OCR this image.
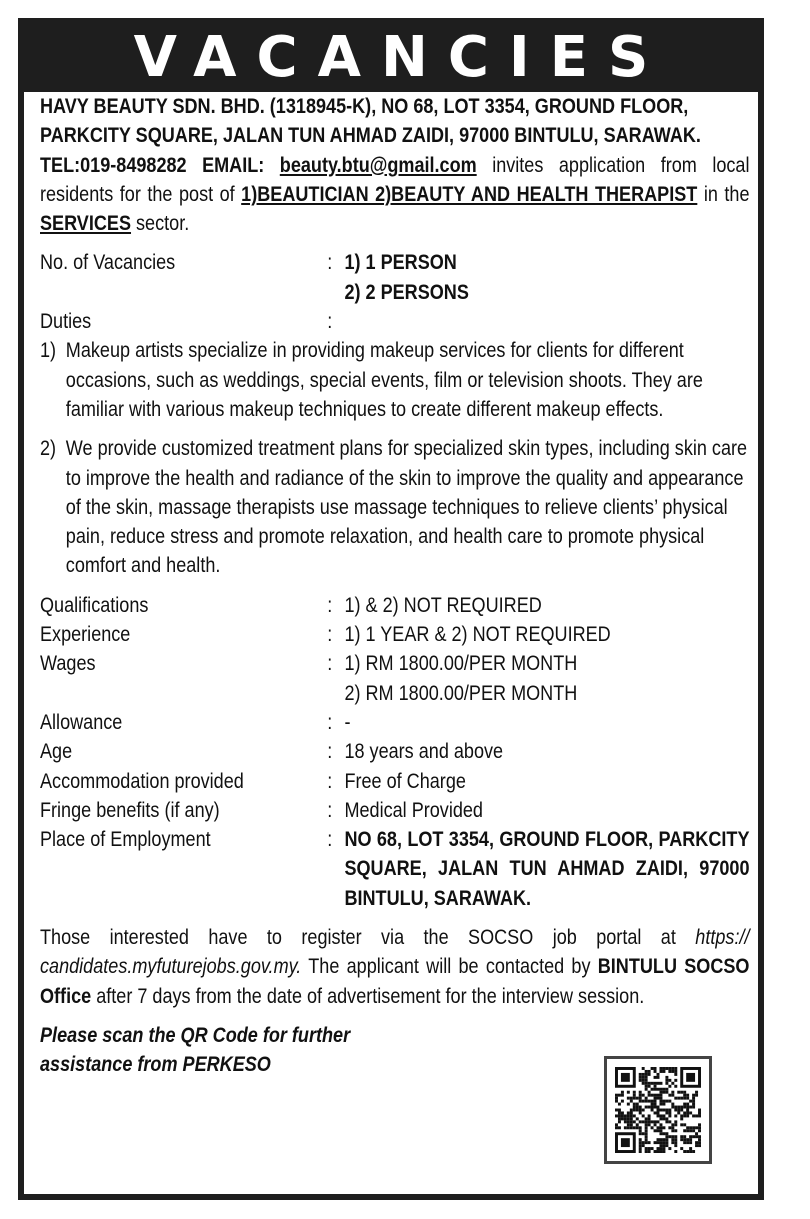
VACANCIES

HAVY BEAUTY SDN. BHD. (1318945-K), NO 68, LOT 3354, GROUND FLOOR,

PARKCITY SQUARE, JALAN TUN AHMAD ZAIDI, 97000 BINTULU, SARAWAK.

TEL:019-8498282 EMAIL: beauty.btu@gmail.com invites application from local residents for the post of 1)BEAUTICIAN 2)BEAUTY AND HEALTH THERAPIST in the SERVICES sector.

No. of Vacancies	: 1) 1 PERSON
2) 2 PERSONS
Duties	:
1) Makeup artists specialize in providing makeup services for clients for different occasions, such as weddings, special events, film or television shoots. They are familiar with various makeup techniques to create different makeup effects.
2) We provide customized treatment plans for specialized skin types, including skin care to improve the health and radiance of the skin to improve the quality and appearance of the skin, massage therapists use massage techniques to relieve clients’ physical pain, reduce stress and promote relaxation, and health care to promote physical comfort and health.
Qualifications	: 1) & 2) NOT REQUIRED
Experience	: 1) 1 YEAR & 2) NOT REQUIRED
Wages	: 1) RM 1800.00/PER MONTH
2) RM 1800.00/PER MONTH
Allowance	: -
Age	: 18 years and above
Accommodation provided	: Free of Charge
Fringe benefits (if any)	: Medical Provided
Place of Employment	: NO 68, LOT 3354, GROUND FLOOR, PARKCITY SQUARE, JALAN TUN AHMAD ZAIDI, 97000 BINTULU, SARAWAK.

Those interested have to register via the SOCSO job portal at https:// candidates.myfuturejobs.gov.my. The applicant will be contacted by BINTULU SOCSO Office after 7 days from the date of advertisement for the interview session.

Please scan the QR Code for further

assistance from PERKESO
